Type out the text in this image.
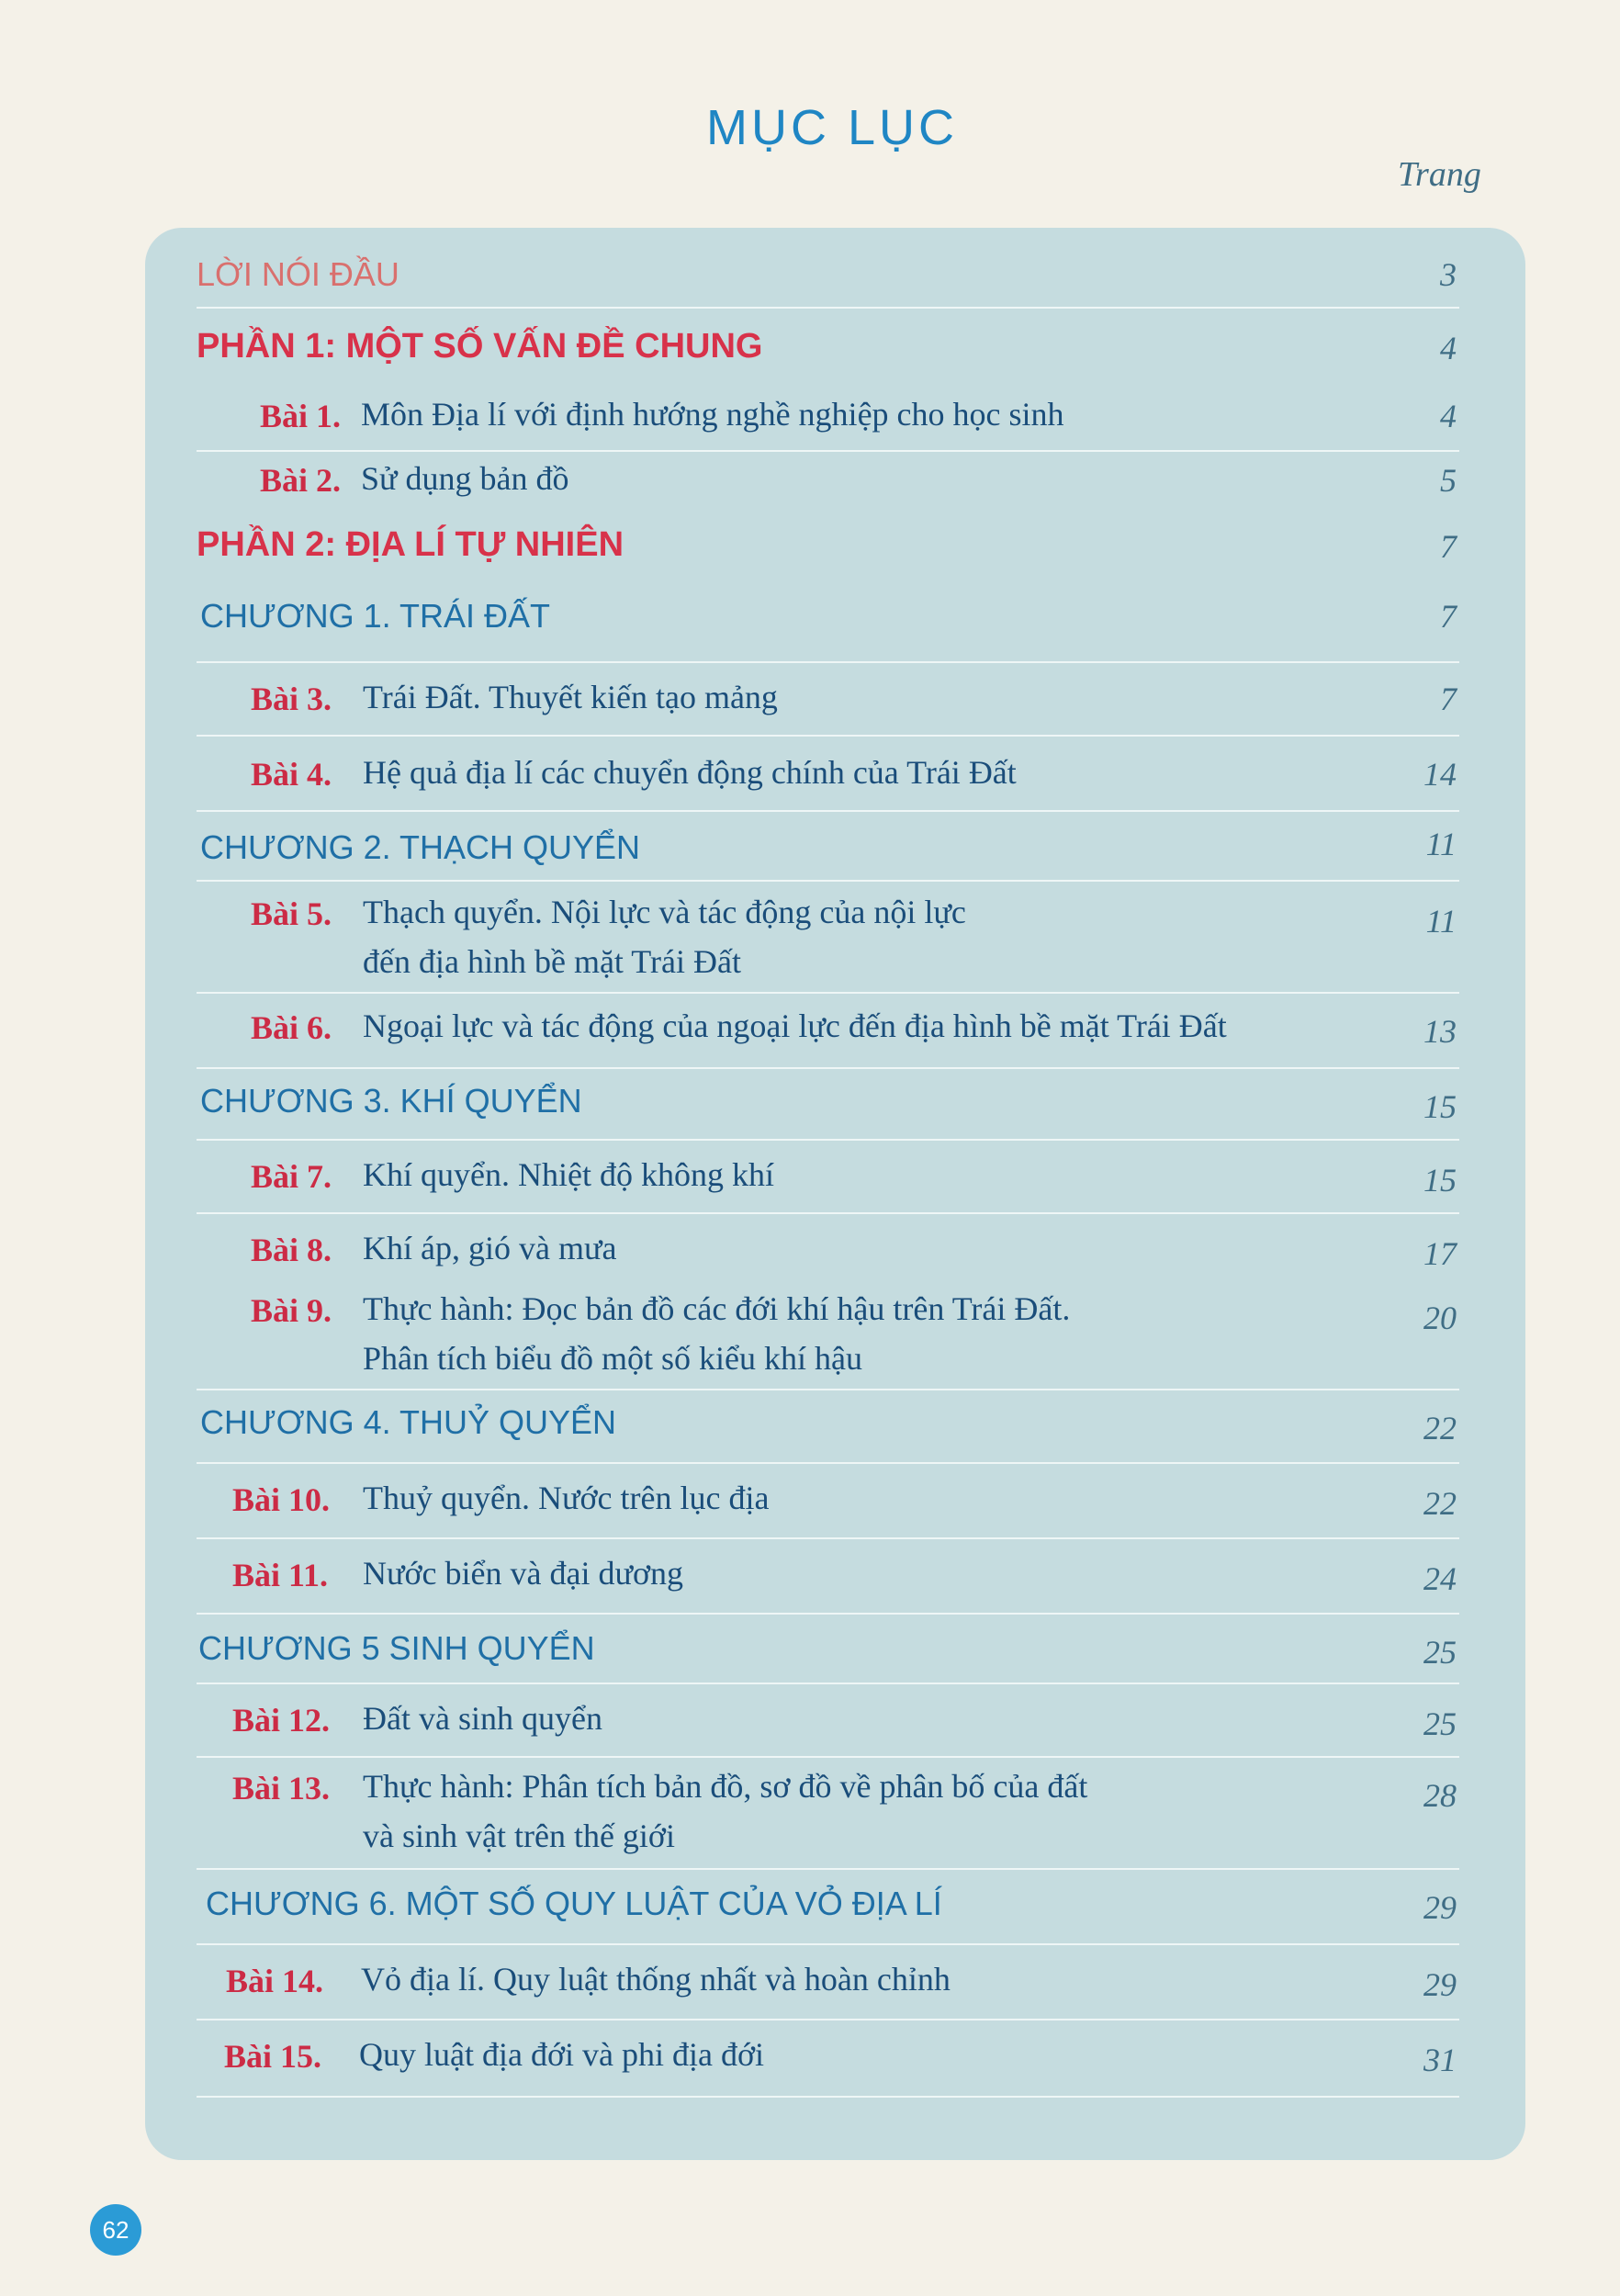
MỤC LỤC
Trang
LỜI NÓI ĐẦU	3
PHẦN 1: MỘT SỐ VẤN ĐỀ CHUNG	4
Bài 1. Môn Địa lí với định hướng nghề nghiệp cho học sinh	4
Bài 2. Sử dụng bản đồ	5
PHẦN 2: ĐỊA LÍ TỰ NHIÊN	7
CHƯƠNG 1. TRÁI ĐẤT	7
Bài 3. Trái Đất. Thuyết kiến tạo mảng	7
Bài 4. Hệ quả địa lí các chuyển động chính của Trái Đất	14
CHƯƠNG 2. THẠCH QUYỂN	11
Bài 5. Thạch quyển. Nội lực và tác động của nội lực
đến địa hình bề mặt Trái Đất
11
Bài 6. Ngoại lực và tác động của ngoại lực đến địa hình bề mặt Trái Đất	13
CHƯƠNG 3. KHÍ QUYỂN	15
Bài 7. Khí quyển. Nhiệt độ không khí	15
Bài 8. Khí áp, gió và mưa	17
Bài 9. Thực hành: Đọc bản đồ các đới khí hậu trên Trái Đất.
Phân tích biểu đồ một số kiểu khí hậu
20
CHƯƠNG 4. THUỶ QUYỂN	22
Bài 10. Thuỷ quyển. Nước trên lục địa	22
Bài 11. Nước biển và đại dương	24
CHƯƠNG 5 SINH QUYỂN	25
Bài 12. Đất và sinh quyển	25
Bài 13. Thực hành: Phân tích bản đồ, sơ đồ về phân bố của đất
và sinh vật trên thế giới
28
CHƯƠNG 6. MỘT SỐ QUY LUẬT CỦA VỎ ĐỊA LÍ	29
Bài 14. Vỏ địa lí. Quy luật thống nhất và hoàn chỉnh	29
Bài 15. Quy luật địa đới và phi địa đới	31
62
